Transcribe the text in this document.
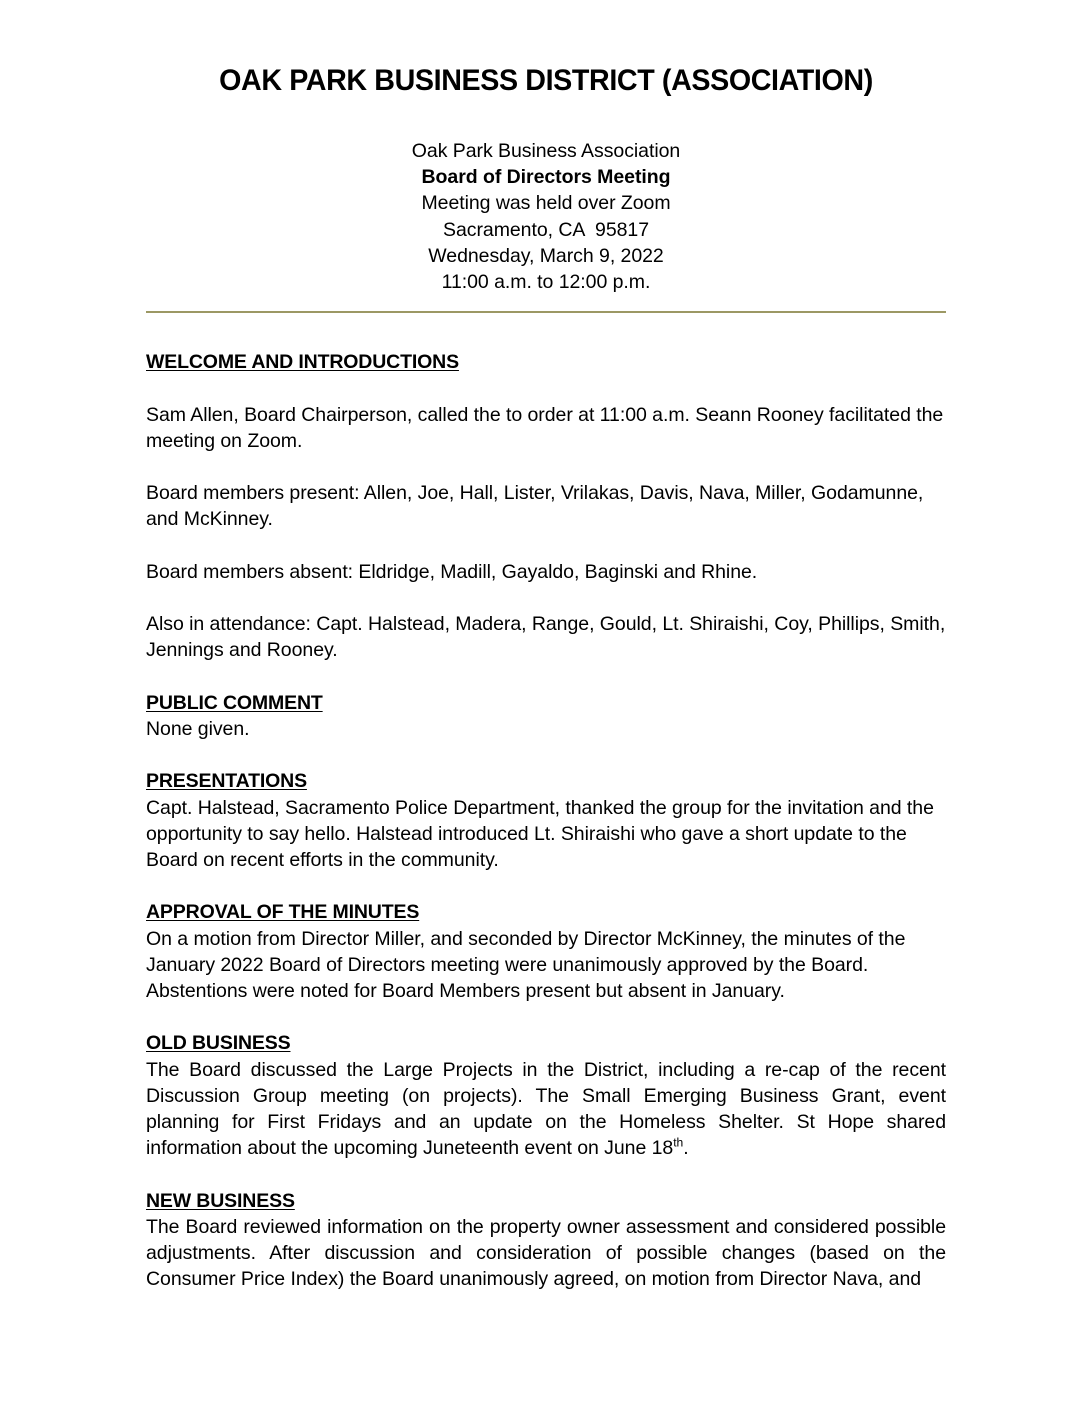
OAK PARK BUSINESS DISTRICT (ASSOCIATION)
Oak Park Business Association
Board of Directors Meeting
Meeting was held over Zoom
Sacramento, CA  95817
Wednesday, March 9, 2022
11:00 a.m. to 12:00 p.m.
WELCOME AND INTRODUCTIONS

Sam Allen, Board Chairperson, called the to order at 11:00 a.m. Seann Rooney facilitated the meeting on Zoom.

Board members present: Allen, Joe, Hall, Lister, Vrilakas, Davis, Nava, Miller, Godamunne, and McKinney.

Board members absent: Eldridge, Madill, Gayaldo, Baginski and Rhine.

Also in attendance: Capt. Halstead, Madera, Range, Gould, Lt. Shiraishi, Coy, Phillips, Smith, Jennings and Rooney.

PUBLIC COMMENT

None given.

PRESENTATIONS

Capt. Halstead, Sacramento Police Department, thanked the group for the invitation and the opportunity to say hello. Halstead introduced Lt. Shiraishi who gave a short update to the Board on recent efforts in the community.

APPROVAL OF THE MINUTES

On a motion from Director Miller, and seconded by Director McKinney, the minutes of the January 2022 Board of Directors meeting were unanimously approved by the Board. Abstentions were noted for Board Members present but absent in January.

OLD BUSINESS

The Board discussed the Large Projects in the District, including a re-cap of the recent Discussion Group meeting (on projects). The Small Emerging Business Grant, event planning for First Fridays and an update on the Homeless Shelter. St Hope shared information about the upcoming Juneteenth event on June 18th.

NEW BUSINESS

The Board reviewed information on the property owner assessment and considered possible adjustments. After discussion and consideration of possible changes (based on the Consumer Price Index) the Board unanimously agreed, on motion from Director Nava, and
